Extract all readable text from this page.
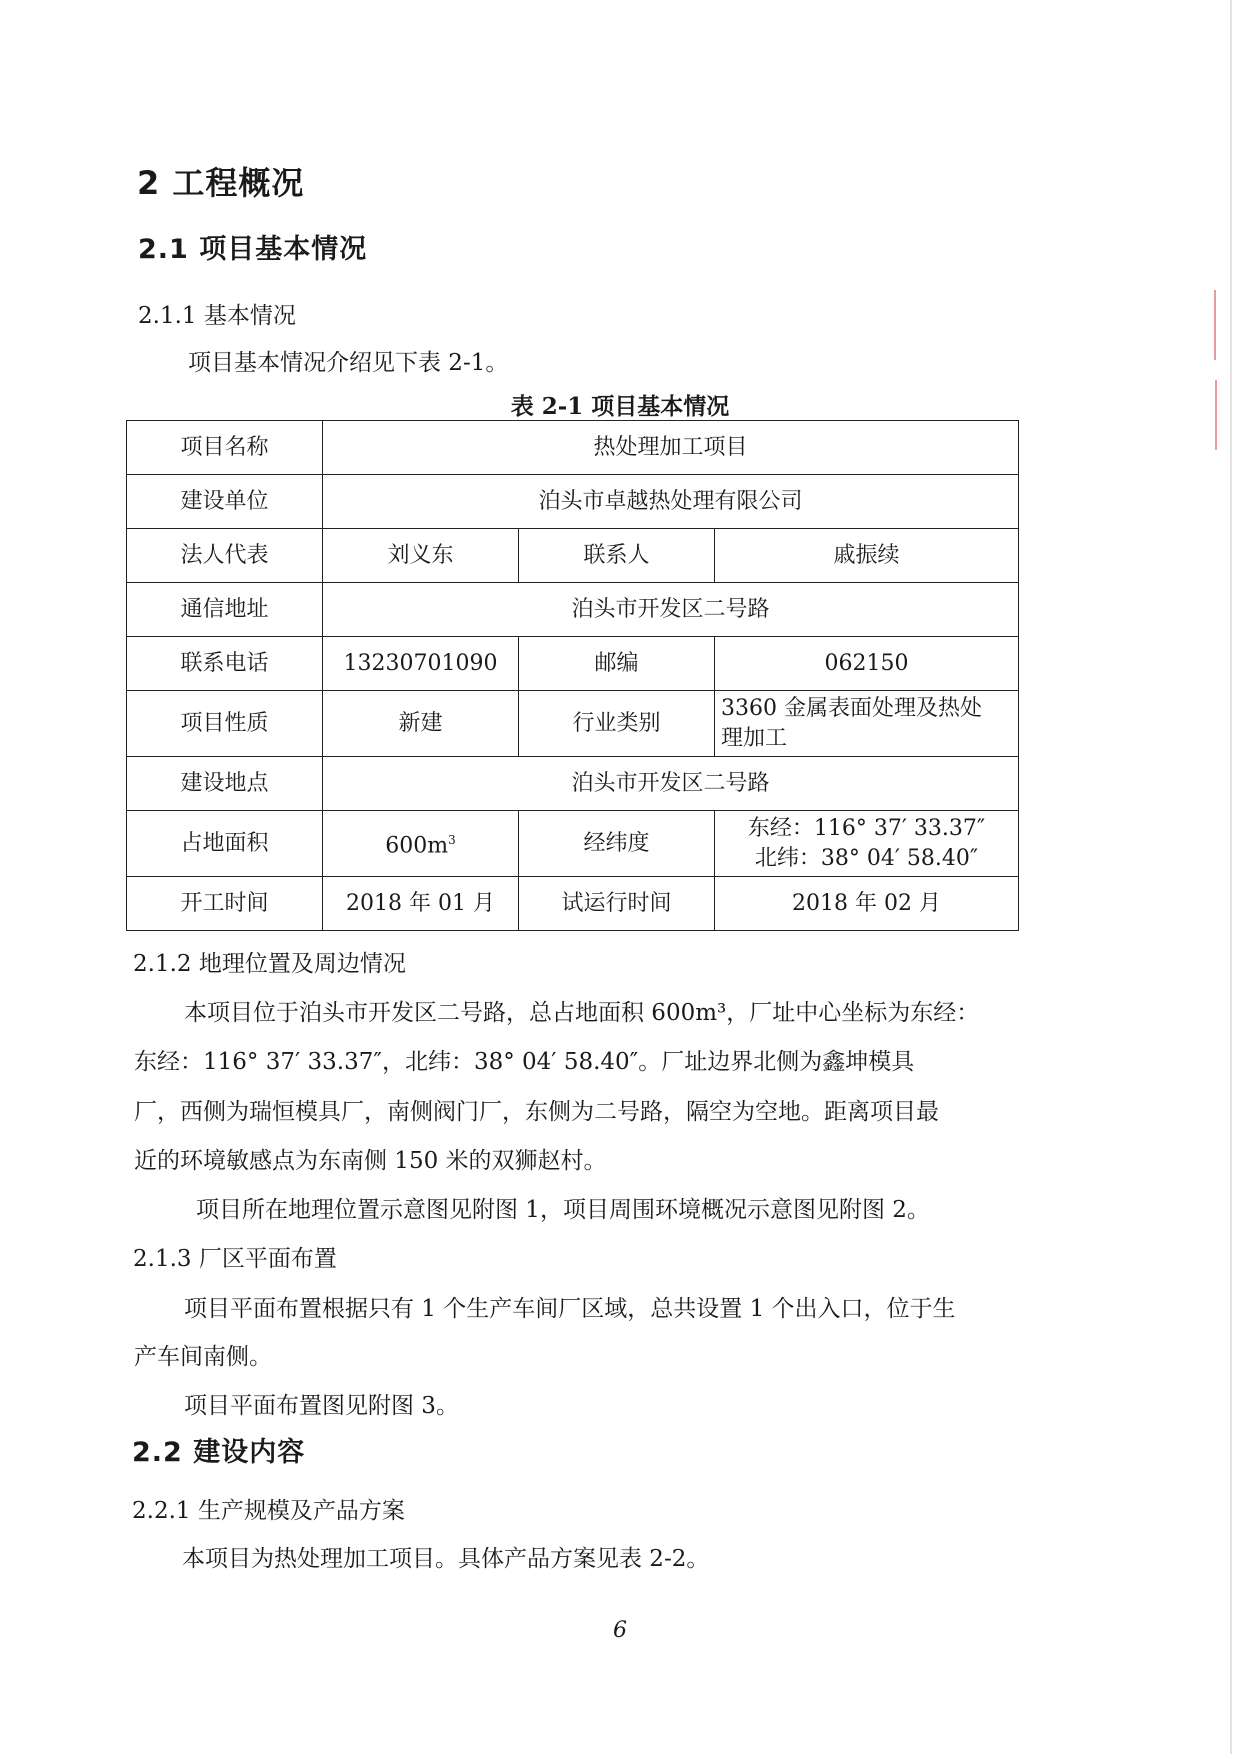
2 工程概况
2.1 项目基本情况
2.1.1 基本情况
项目基本情况介绍见下表 2-1。
表 2-1 项目基本情况
项目名称	热处理加工项目		
建设单位	泊头市卓越热处理有限公司		
法人代表	刘义东	联系人	戚振续
通信地址	泊头市开发区二号路		
联系电话	13230701090	邮编	062150
项目性质	新建	行业类别	3360 金属表面处理及热处
理加工

建设地点	泊头市开发区二号路		
占地面积	$600m^3$	经纬度	东经：116° 37′ 33.37″
北纬：38° 04′ 58.40″

开工时间	2018 年 01 月	试运行时间	2018 年 02 月
2.1.2 地理位置及周边情况
本项目位于泊头市开发区二号路，总占地面积 600m³，厂址中心坐标为东经：
东经：116° 37′ 33.37″，北纬：38° 04′ 58.40″。厂址边界北侧为鑫坤模具
厂，西侧为瑞恒模具厂，南侧阀门厂，东侧为二号路，隔空为空地。距离项目最
近的环境敏感点为东南侧 150 米的双狮赵村。
项目所在地理位置示意图见附图 1，项目周围环境概况示意图见附图 2。
2.1.3 厂区平面布置
项目平面布置根据只有 1 个生产车间厂区域，总共设置 1 个出入口，位于生
产车间南侧。
项目平面布置图见附图 3。
2.2 建设内容
2.2.1 生产规模及产品方案
本项目为热处理加工项目。具体产品方案见表 2-2。
6
